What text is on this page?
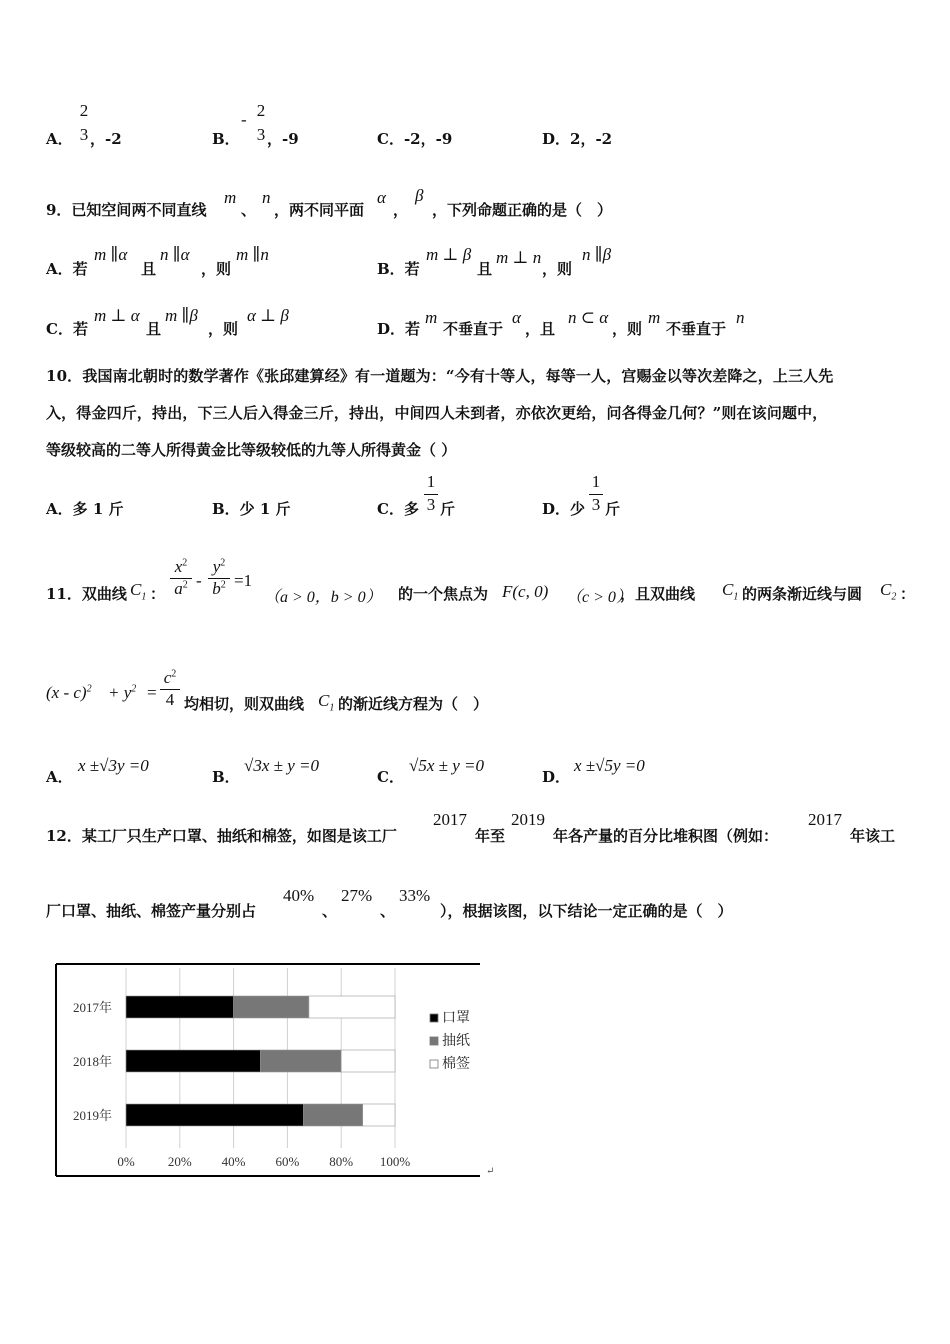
A．
2
3 ，-2	B．
- 2
3 ，-9	C．-2，-9	D．2，-2
9．已知空间两不同直线
m
、
n
，两不同平面
α
，
β
，下列命题正确的是（　）
A．若
m ∥α
且
n ∥α
，则
m ∥n
B．若
m ⊥ β
且
m ⊥ n
，则
n ∥β
C．若
m ⊥ α
且
m ∥β
，则
α ⊥ β
D．若
m
不垂直于
α
，且
n ⊂ α
，则
m
不垂直于
n
10．我国南北朝时的数学著作《张邱建算经》有一道题为：“今有十等人，每等一人，宫赐金以等次差降之，上三人先
入，得金四斤，持出，下三人后入得金三斤，持出，中间四人未到者，亦依次更给，问各得金几何？”则在该问题中，
等级较高的二等人所得黄金比等级较低的九等人所得黄金（ ）
A．多 1 斤	B．少 1 斤	C．多 $\frac{1}{3}$ 斤	D．少 $\frac{1}{3}$ 斤
11．双曲线 $C_1$ ： $\frac{x^2}{a^2} - \frac{y^2}{b^2} =1$
（a > 0，b > 0） 的一个焦点为 F(c, 0) （c > 0）
，且双曲线 $C_1$ 的两条渐近线与圆 $C_2$ ：
$(x - c)^2 + y^2 = \frac{c^2}{4}$ 均相切，则双曲线 $C_1$ 的渐近线方程为（　）
A．
x ±√3y =0
B．
√3x ± y =0
C．
√5x ± y =0
D．
x ±√5y =0
12．某工厂只生产口罩、抽纸和棉签，如图是该工厂
2017
年至
2019
年各产量的百分比堆积图（例如：
2017
年该工
厂口罩、抽纸、棉签产量分别占
40%
、
27%
、
33%
），根据该图，以下结论一定正确的是（　）
0%	20% 40% 60% 80% 100%
2017年
2018年
2019年
口罩
抽纸
棉签
↵
